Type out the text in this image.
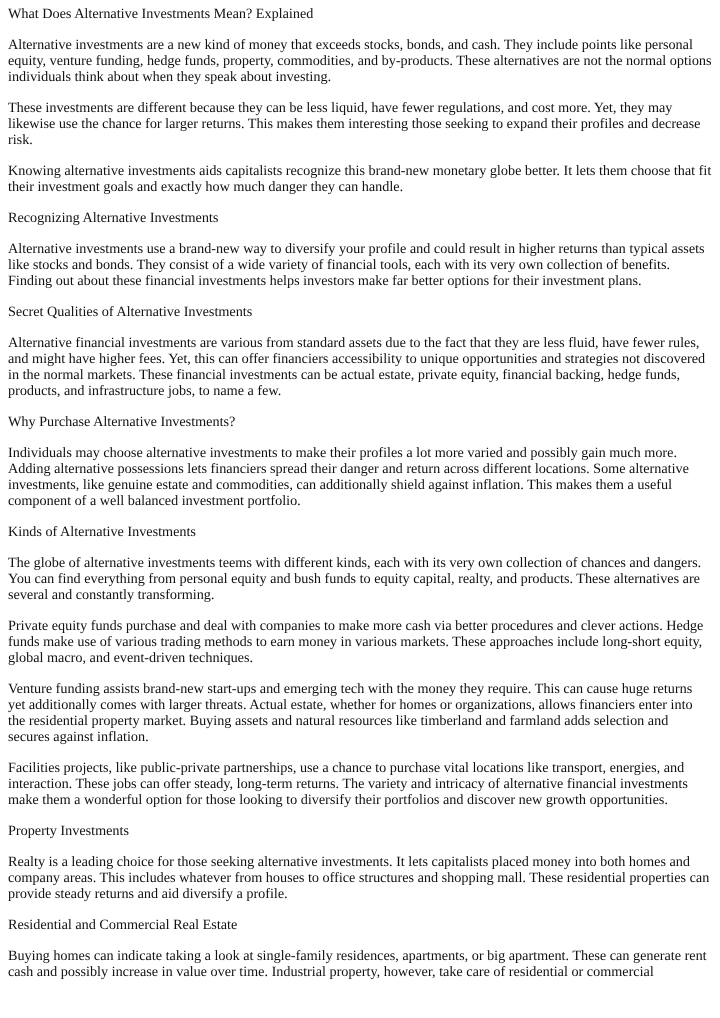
What Does Alternative Investments Mean? Explained
Alternative investments are a new kind of money that exceeds stocks, bonds, and cash. They include points like personal equity, venture funding, hedge funds, property, commodities, and by-products. These alternatives are not the normal options individuals think about when they speak about investing.
These investments are different because they can be less liquid, have fewer regulations, and cost more. Yet, they may likewise use the chance for larger returns. This makes them interesting those seeking to expand their profiles and decrease risk.
Knowing alternative investments aids capitalists recognize this brand-new monetary globe better. It lets them choose that fit their investment goals and exactly how much danger they can handle.
Recognizing Alternative Investments
Alternative investments use a brand-new way to diversify your profile and could result in higher returns than typical assets like stocks and bonds. They consist of a wide variety of financial tools, each with its very own collection of benefits. Finding out about these financial investments helps investors make far better options for their investment plans.
Secret Qualities of Alternative Investments
Alternative financial investments are various from standard assets due to the fact that they are less fluid, have fewer rules, and might have higher fees. Yet, this can offer financiers accessibility to unique opportunities and strategies not discovered in the normal markets. These financial investments can be actual estate, private equity, financial backing, hedge funds, products, and infrastructure jobs, to name a few.
Why Purchase Alternative Investments?
Individuals may choose alternative investments to make their profiles a lot more varied and possibly gain much more. Adding alternative possessions lets financiers spread their danger and return across different locations. Some alternative investments, like genuine estate and commodities, can additionally shield against inflation. This makes them a useful component of a well balanced investment portfolio.
Kinds of Alternative Investments
The globe of alternative investments teems with different kinds, each with its very own collection of chances and dangers. You can find everything from personal equity and bush funds to equity capital, realty, and products. These alternatives are several and constantly transforming.
Private equity funds purchase and deal with companies to make more cash via better procedures and clever actions. Hedge funds make use of various trading methods to earn money in various markets. These approaches include long-short equity, global macro, and event-driven techniques.
Venture funding assists brand-new start-ups and emerging tech with the money they require. This can cause huge returns yet additionally comes with larger threats. Actual estate, whether for homes or organizations, allows financiers enter into the residential property market. Buying assets and natural resources like timberland and farmland adds selection and secures against inflation.
Facilities projects, like public-private partnerships, use a chance to purchase vital locations like transport, energies, and interaction. These jobs can offer steady, long-term returns. The variety and intricacy of alternative financial investments make them a wonderful option for those looking to diversify their portfolios and discover new growth opportunities.
Property Investments
Realty is a leading choice for those seeking alternative investments. It lets capitalists placed money into both homes and company areas. This includes whatever from houses to office structures and shopping mall. These residential properties can provide steady returns and aid diversify a profile.
Residential and Commercial Real Estate
Buying homes can indicate taking a look at single-family residences, apartments, or big apartment. These can generate rent cash and possibly increase in value over time. Industrial property, however, take care of residential or commercial
